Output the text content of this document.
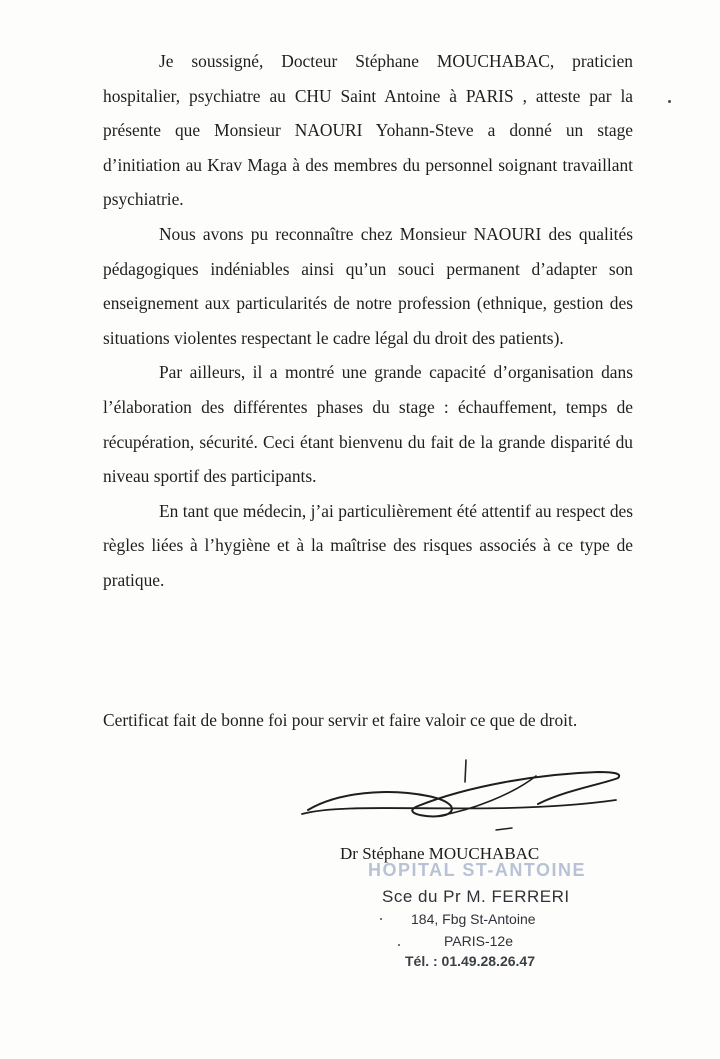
Je soussigné, Docteur Stéphane MOUCHABAC, praticien hospitalier, psychiatre au CHU Saint Antoine à PARIS , atteste par la présente que Monsieur NAOURI Yohann-Steve a donné un stage d’initiation au Krav Maga à des membres du personnel soignant travaillant psychiatrie.

Nous avons pu reconnaître chez Monsieur NAOURI des qualités pédagogiques indéniables ainsi qu’un souci permanent d’adapter son enseignement aux particularités de notre profession (ethnique, gestion des situations violentes respectant le cadre légal du droit des patients).

Par ailleurs, il a montré une grande capacité d’organisation dans l’élaboration des différentes phases du stage : échauffement, temps de récupération, sécurité. Ceci étant bienvenu du fait de la grande disparité du niveau sportif des participants.

En tant que médecin, j’ai particulièrement été attentif au respect des règles liées à l’hygiène et à la maîtrise des risques associés à ce type de pratique.

Certificat fait de bonne foi pour servir et faire valoir ce que de droit.

Dr Stéphane MOUCHABAC
HOPITAL ST-ANTOINE
Sce du Pr M. FERRERI
184, Fbg St-Antoine
PARIS-12e
Tél. : 01.49.28.26.47
